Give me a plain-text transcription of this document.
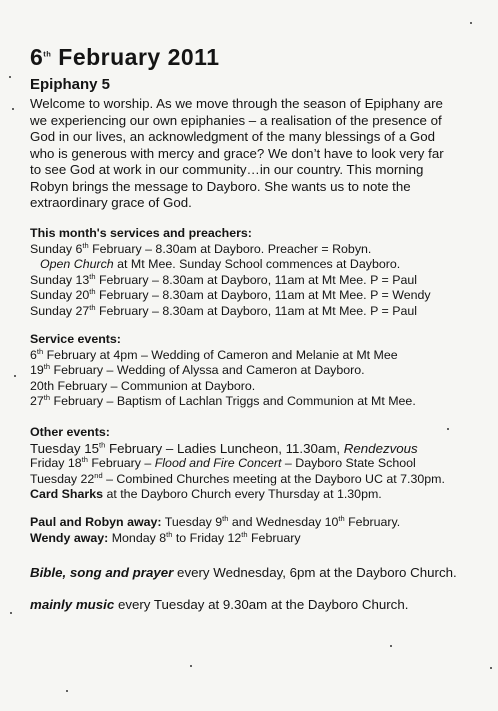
6th February 2011
Epiphany 5
Welcome to worship. As we move through the season of Epiphany are
we experiencing our own epiphanies – a realisation of the presence of
God in our lives, an acknowledgment of the many blessings of a God
who is generous with mercy and grace? We don’t have to look very far
to see God at work in our community…in our country. This morning
Robyn brings the message to Dayboro. She wants us to note the
extraordinary grace of God.
This month's services and preachers:
Sunday 6th February – 8.30am at Dayboro. Preacher = Robyn.
Open Church at Mt Mee. Sunday School commences at Dayboro.
Sunday 13th February – 8.30am at Dayboro, 11am at Mt Mee. P = Paul
Sunday 20th February – 8.30am at Dayboro, 11am at Mt Mee. P = Wendy
Sunday 27th February – 8.30am at Dayboro, 11am at Mt Mee. P = Paul
Service events:
6th February at 4pm – Wedding of Cameron and Melanie at Mt Mee
19th February – Wedding of Alyssa and Cameron at Dayboro.
20th February – Communion at Dayboro.
27th February – Baptism of Lachlan Triggs and Communion at Mt Mee.
Other events:
Tuesday 15th February – Ladies Luncheon, 11.30am, Rendezvous
Friday 18th February – Flood and Fire Concert – Dayboro State School
Tuesday 22nd – Combined Churches meeting at the Dayboro UC at 7.30pm.
Card Sharks at the Dayboro Church every Thursday at 1.30pm.
Paul and Robyn away: Tuesday 9th and Wednesday 10th February.
Wendy away: Monday 8th to Friday 12th February
Bible, song and prayer every Wednesday, 6pm at the Dayboro Church.
mainly music every Tuesday at 9.30am at the Dayboro Church.
